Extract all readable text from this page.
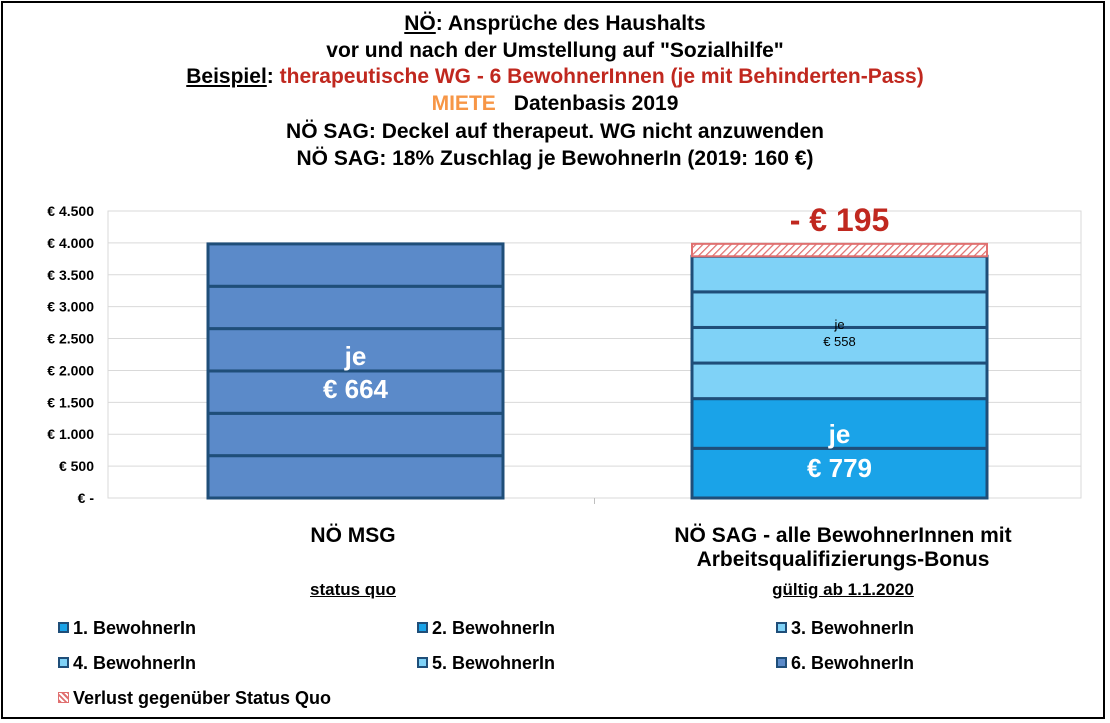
NÖ: Ansprüche des Haushalts
vor und nach der Umstellung auf "Sozialhilfe"
Beispiel: therapeutische WG - 6 BewohnerInnen (je mit Behinderten-Pass)
MIETE Datenbasis 2019
NÖ SAG: Deckel auf therapeut. WG nicht anzuwenden
NÖ SAG: 18% Zuschlag je BewohnerIn (2019: 160 €)
€ -
€ 500
€ 1.000
€ 1.500
€ 2.000
€ 2.500
€ 3.000
€ 3.500
€ 4.000
€ 4.500
je
€ 664
je
€ 558
je
€ 779
- € 195
NÖ MSG
status quo
NÖ SAG - alle BewohnerInnen mit Arbeitsqualifizierungs-Bonus
gültig ab 1.1.2020
1. BewohnerIn	2. BewohnerIn	3. BewohnerIn
4. BewohnerIn	5. BewohnerIn	6. BewohnerIn
Verlust gegenüber Status Quo
